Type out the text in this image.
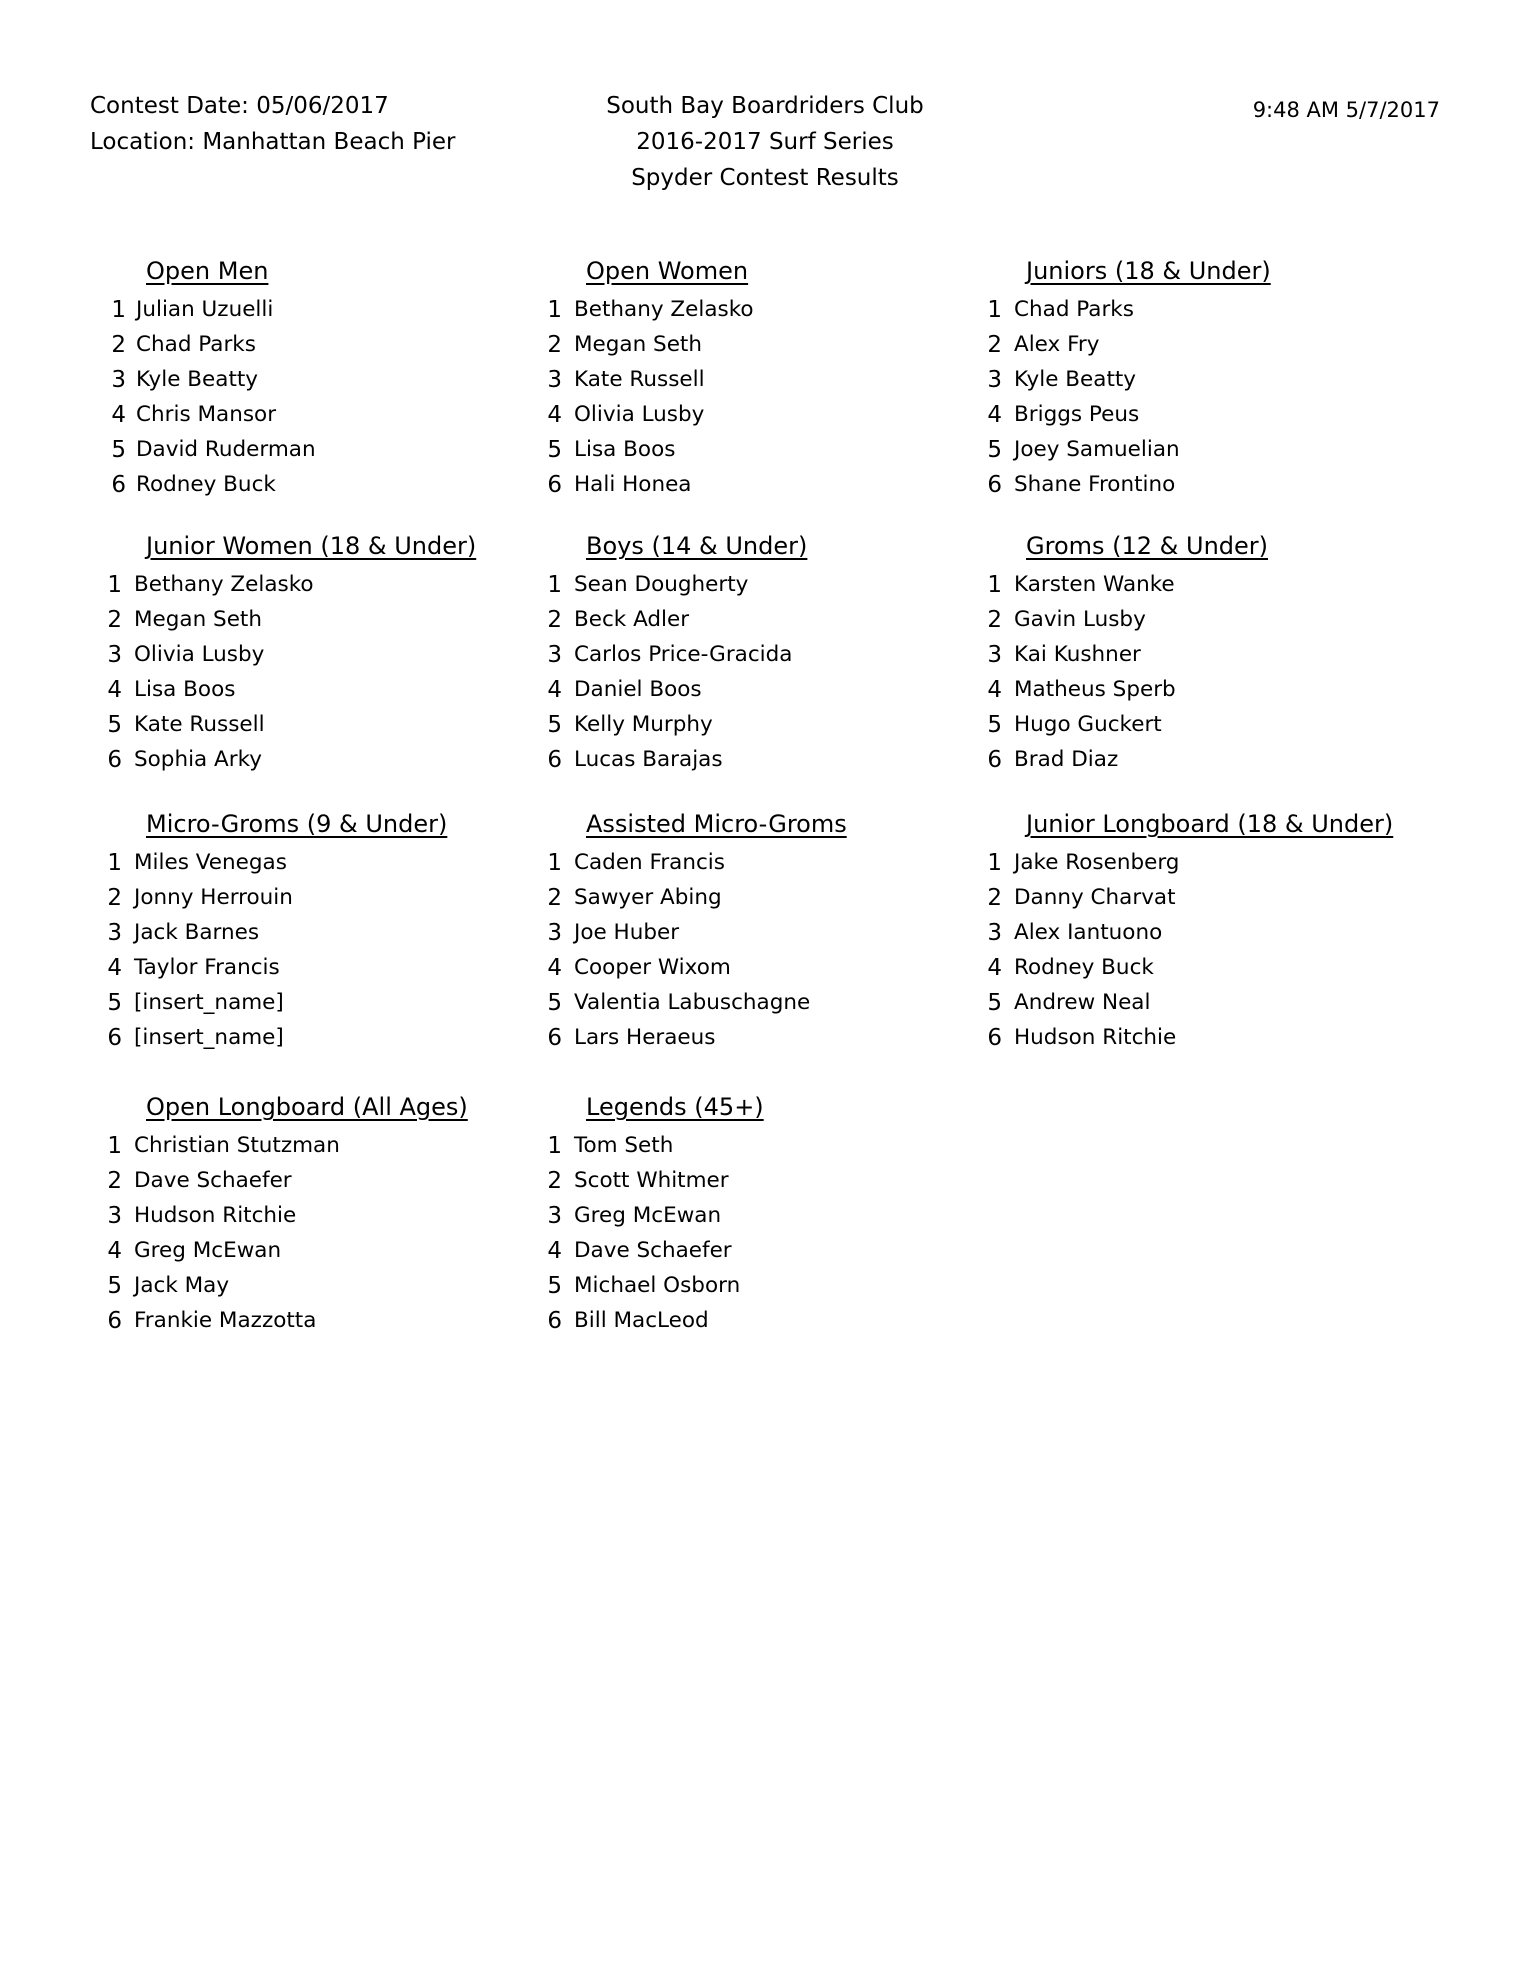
Contest Date: 05/06/2017
Location: Manhattan Beach Pier
South Bay Boardriders Club
2016-2017 Surf Series
Spyder Contest Results
9:48 AM 5/7/2017
Open Men
1 Julian Uzuelli
2 Chad Parks
3 Kyle Beatty
4 Chris Mansor
5 David Ruderman
6 Rodney Buck
Open Women
1 Bethany Zelasko
2 Megan Seth
3 Kate Russell
4 Olivia Lusby
5 Lisa Boos
6 Hali Honea
Juniors (18 & Under)
1 Chad Parks
2 Alex Fry
3 Kyle Beatty
4 Briggs Peus
5 Joey Samuelian
6 Shane Frontino
Junior Women (18 & Under)
1 Bethany Zelasko
2 Megan Seth
3 Olivia Lusby
4 Lisa Boos
5 Kate Russell
6 Sophia Arky
Boys (14 & Under)
1 Sean Dougherty
2 Beck Adler
3 Carlos Price-Gracida
4 Daniel Boos
5 Kelly Murphy
6 Lucas Barajas
Groms (12 & Under)
1 Karsten Wanke
2 Gavin Lusby
3 Kai Kushner
4 Matheus Sperb
5 Hugo Guckert
6 Brad Diaz
Micro-Groms (9 & Under)
1 Miles Venegas
2 Jonny Herrouin
3 Jack Barnes
4 Taylor Francis
5 [insert_name]
6 [insert_name]
Assisted Micro-Groms
1 Caden Francis
2 Sawyer Abing
3 Joe Huber
4 Cooper Wixom
5 Valentia Labuschagne
6 Lars Heraeus
Junior Longboard (18 & Under)
1 Jake Rosenberg
2 Danny Charvat
3 Alex Iantuono
4 Rodney Buck
5 Andrew Neal
6 Hudson Ritchie
Open Longboard (All Ages)
1 Christian Stutzman
2 Dave Schaefer
3 Hudson Ritchie
4 Greg McEwan
5 Jack May
6 Frankie Mazzotta
Legends (45+)
1 Tom Seth
2 Scott Whitmer
3 Greg McEwan
4 Dave Schaefer
5 Michael Osborn
6 Bill MacLeod
